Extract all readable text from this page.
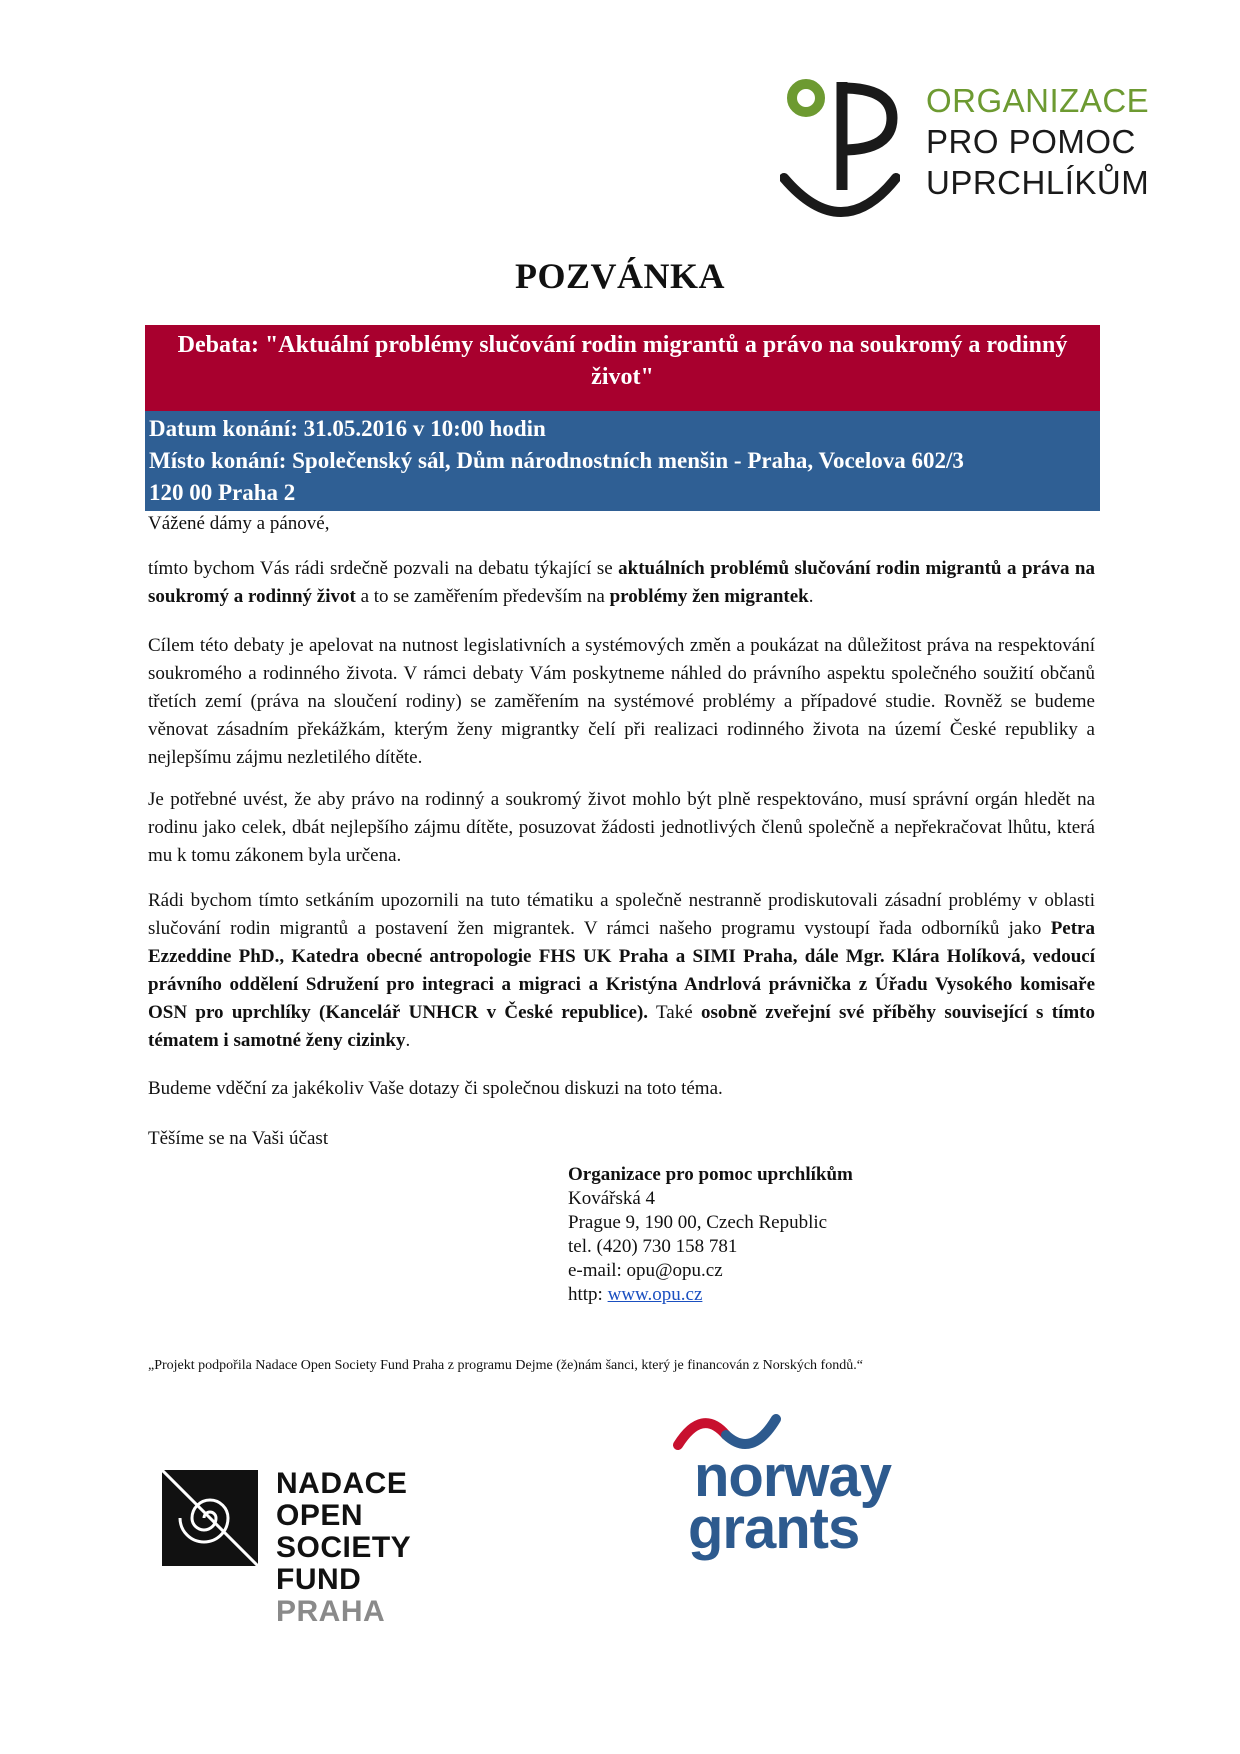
ORGANIZACE
PRO POMOC
UPRCHLÍKŮM
POZVÁNKA
Debata: "Aktuální problémy slučování rodin migrantů a právo na soukromý a rodinný
život"
Datum konání: 31.05.2016 v 10:00 hodin
Místo konání: Společenský sál, Dům národnostních menšin - Praha, Vocelova 602/3
120 00 Praha 2
Vážené dámy a pánové,
tímto bychom Vás rádi srdečně pozvali na debatu týkající se aktuálních problémů slučování rodin migrantů a práva na soukromý a rodinný život a to se zaměřením především na problémy žen migrantek.
Cílem této debaty je apelovat na nutnost legislativních a systémových změn a poukázat na důležitost práva na respektování soukromého a rodinného života. V rámci debaty Vám poskytneme náhled do právního aspektu společného soužití občanů třetích zemí (práva na sloučení rodiny) se zaměřením na systémové problémy a případové studie. Rovněž se budeme věnovat zásadním překážkám, kterým ženy migrantky čelí při realizaci rodinného života na území České republiky a nejlepšímu zájmu nezletilého dítěte.
Je potřebné uvést, že aby právo na rodinný a soukromý život mohlo být plně respektováno, musí správní orgán hledět na rodinu jako celek, dbát nejlepšího zájmu dítěte, posuzovat žádosti jednotlivých členů společně a nepřekračovat lhůtu, která mu k tomu zákonem byla určena.
Rádi bychom tímto setkáním upozornili na tuto tématiku a společně nestranně prodiskutovali zásadní problémy v oblasti slučování rodin migrantů a postavení žen migrantek. V rámci našeho programu vystoupí řada odborníků jako Petra Ezzeddine PhD., Katedra obecné antropologie FHS UK Praha a SIMI Praha, dále Mgr. Klára Holíková, vedoucí právního oddělení Sdružení pro integraci a migraci a Kristýna Andrlová právnička z Úřadu Vysokého komisaře OSN pro uprchlíky (Kancelář UNHCR v České republice). Také osobně zveřejní své příběhy související s tímto tématem i samotné ženy cizinky.
Budeme vděční za jakékoliv Vaše dotazy či společnou diskuzi na toto téma.
Těšíme se na Vaši účast
Organizace pro pomoc uprchlíkům
Kovářská 4
Prague 9, 190 00, Czech Republic
tel. (420) 730 158 781
e-mail: opu@opu.cz
http: www.opu.cz
„Projekt podpořila Nadace Open Society Fund Praha z programu Dejme (že)nám šanci, který je financován z Norských fondů.“
NADACE
OPEN SOCIETY FUND
PRAHA
norway
grants
